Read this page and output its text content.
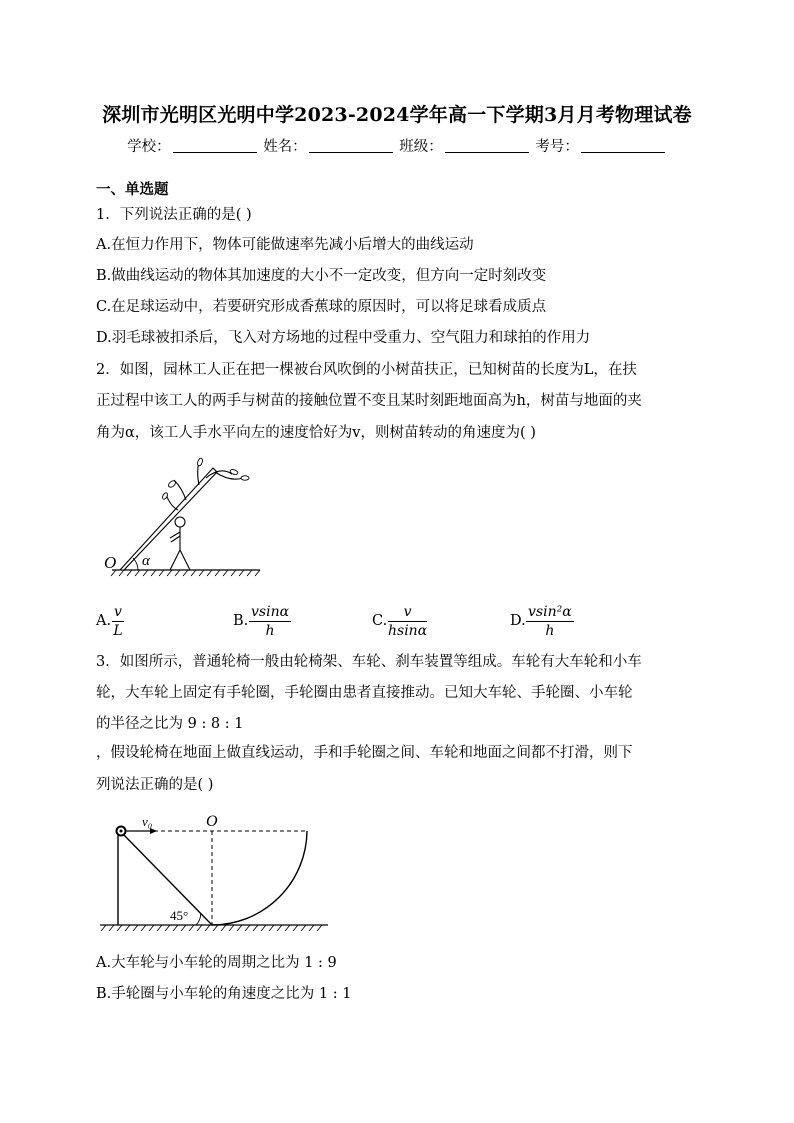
深圳市光明区光明中学2023-2024学年高一下学期3月月考物理试卷
学校：	姓名：	班级：	考号：
一、单选题
1．下列说法正确的是( )
A.在恒力作用下，物体可能做速率先减小后增大的曲线运动
B.做曲线运动的物体其加速度的大小不一定改变，但方向一定时刻改变
C.在足球运动中，若要研究形成香蕉球的原因时，可以将足球看成质点
D.羽毛球被扣杀后，飞入对方场地的过程中受重力、空气阻力和球拍的作用力
2．如图，园林工人正在把一棵被台风吹倒的小树苗扶正，已知树苗的长度为L，在扶
正过程中该工人的两手与树苗的接触位置不变且某时刻距地面高为h，树苗与地面的夹
角为α，该工人手水平向左的速度恰好为v，则树苗转动的角速度为( )
O α
A. $\frac{v}{L}$	B. $\frac{vsin\alpha}{h}$	C. $\frac{v}{hsin\alpha}$	D. $\frac{\text{vsin²α}}{h}$
3．如图所示，普通轮椅一般由轮椅架、车轮、刹车装置等组成。车轮有大车轮和小车
轮，大车轮上固定有手轮圈，手轮圈由患者直接推动。已知大车轮、手轮圈、小车轮
的半径之比为 9 : 8 : 1
，假设轮椅在地面上做直线运动，手和手轮圈之间、车轮和地面之间都不打滑，则下
列说法正确的是( )
v₀	O
45°
A.大车轮与小车轮的周期之比为 1 : 9
B.手轮圈与小车轮的角速度之比为 1 : 1
